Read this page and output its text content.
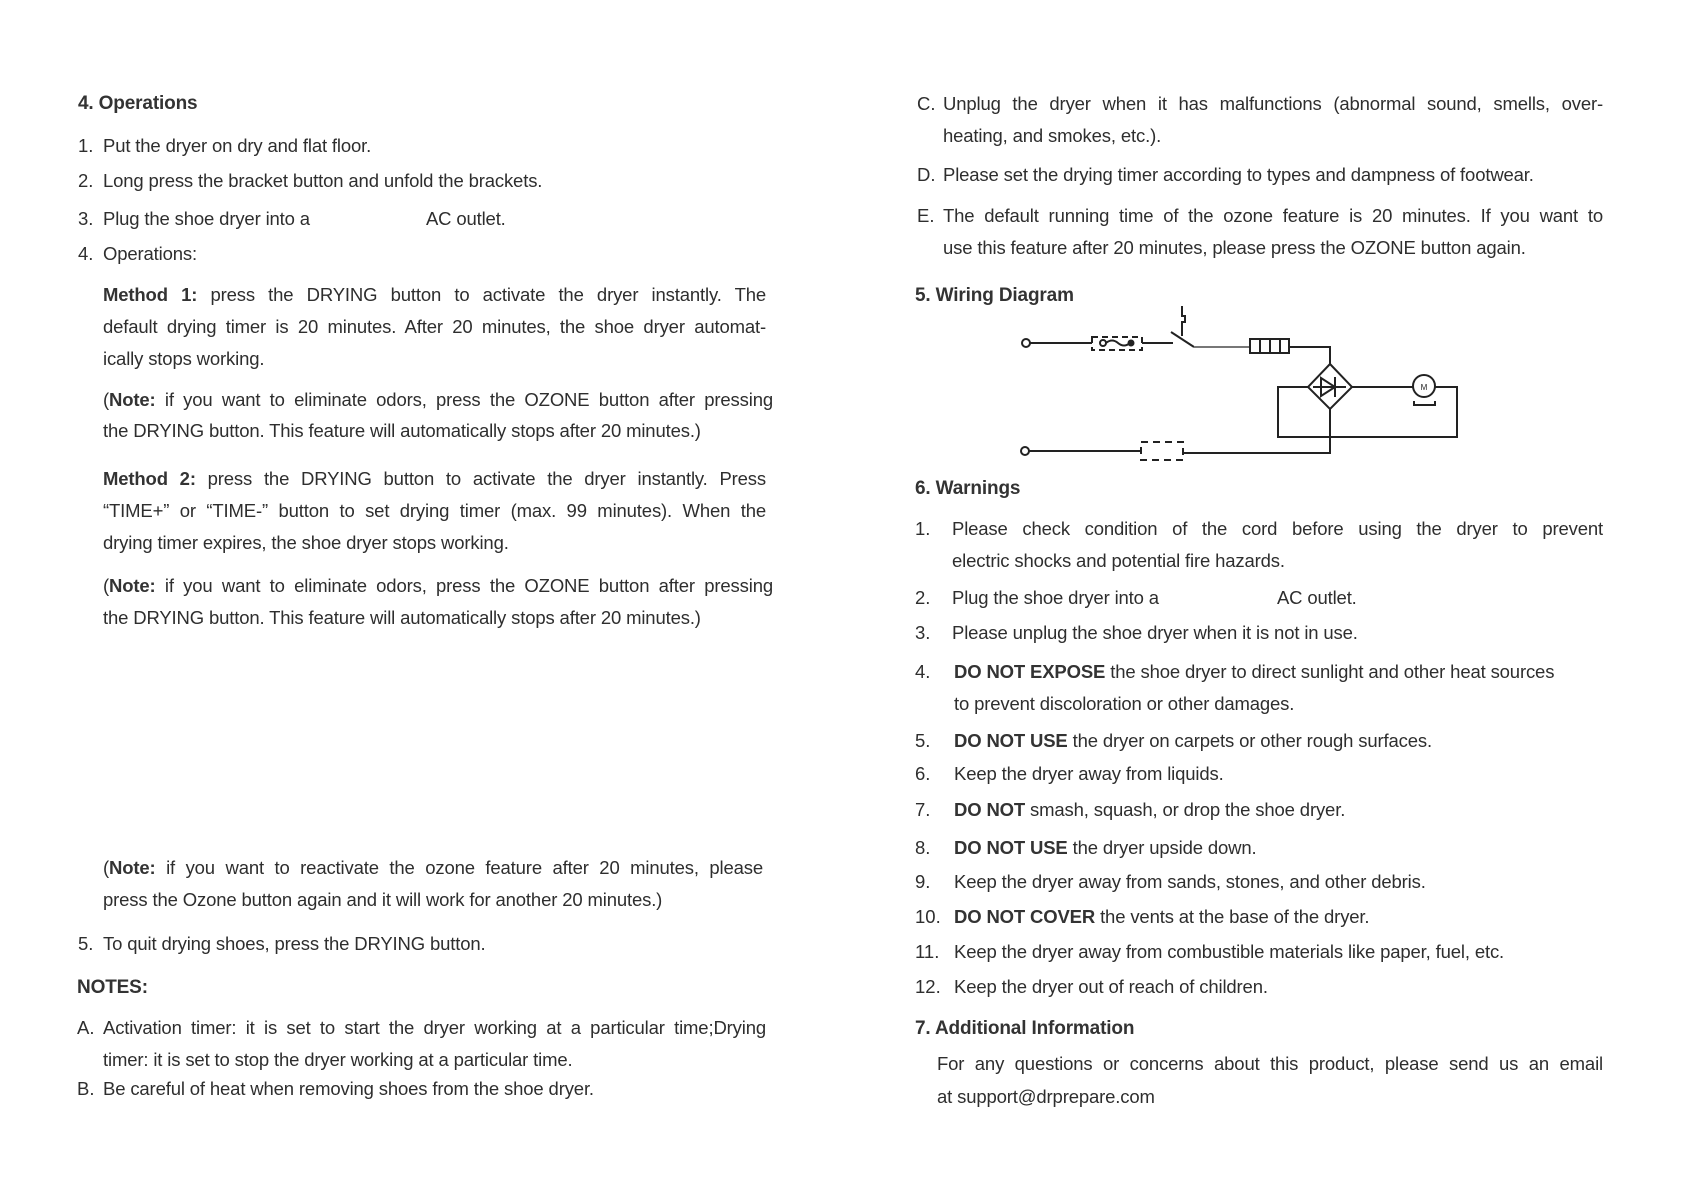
4. Operations
1. Put the dryer on dry and flat floor.
2. Long press the bracket button and unfold the brackets.
3. Plug the shoe dryer into a	AC outlet.
4. Operations:
Method 1: press the DRYING button to activate the dryer instantly. The
default drying timer is 20 minutes. After 20 minutes, the shoe dryer automat-
ically stops working.
(Note: if you want to eliminate odors, press the OZONE button after pressing
the DRYING button. This feature will automatically stops after 20 minutes.)
Method 2: press the DRYING button to activate the dryer instantly. Press
“TIME+” or “TIME-” button to set drying timer (max. 99 minutes). When the
drying timer expires, the shoe dryer stops working.
(Note: if you want to eliminate odors, press the OZONE button after pressing
the DRYING button. This feature will automatically stops after 20 minutes.)
(Note: if you want to reactivate the ozone feature after 20 minutes, please
press the Ozone button again and it will work for another 20 minutes.)
5. To quit drying shoes, press the DRYING button.
NOTES:
A. Activation timer: it is set to start the dryer working at a particular time;Drying
timer: it is set to stop the dryer working at a particular time.
B. Be careful of heat when removing shoes from the shoe dryer.
C. Unplug the dryer when it has malfunctions (abnormal sound, smells, over-
heating, and smokes, etc.).
D. Please set the drying timer according to types and dampness of footwear.
E. The default running time of the ozone feature is 20 minutes. If you want to
use this feature after 20 minutes, please press the OZONE button again.
5. Wiring Diagram
M
6. Warnings
1. Please check condition of the cord before using the dryer to prevent
electric shocks and potential fire hazards.
2. Plug the shoe dryer into a	AC outlet.
3. Please unplug the shoe dryer when it is not in use.
4. DO NOT EXPOSE the shoe dryer to direct sunlight and other heat sources
to prevent discoloration or other damages.
5. DO NOT USE the dryer on carpets or other rough surfaces.
6. Keep the dryer away from liquids.
7. DO NOT smash, squash, or drop the shoe dryer.
8. DO NOT USE the dryer upside down.
9. Keep the dryer away from sands, stones, and other debris.
10. DO NOT COVER the vents at the base of the dryer.
11. Keep the dryer away from combustible materials like paper, fuel, etc.
12. Keep the dryer out of reach of children.
7. Additional Information
For any questions or concerns about this product, please send us an email
at support@drprepare.com
